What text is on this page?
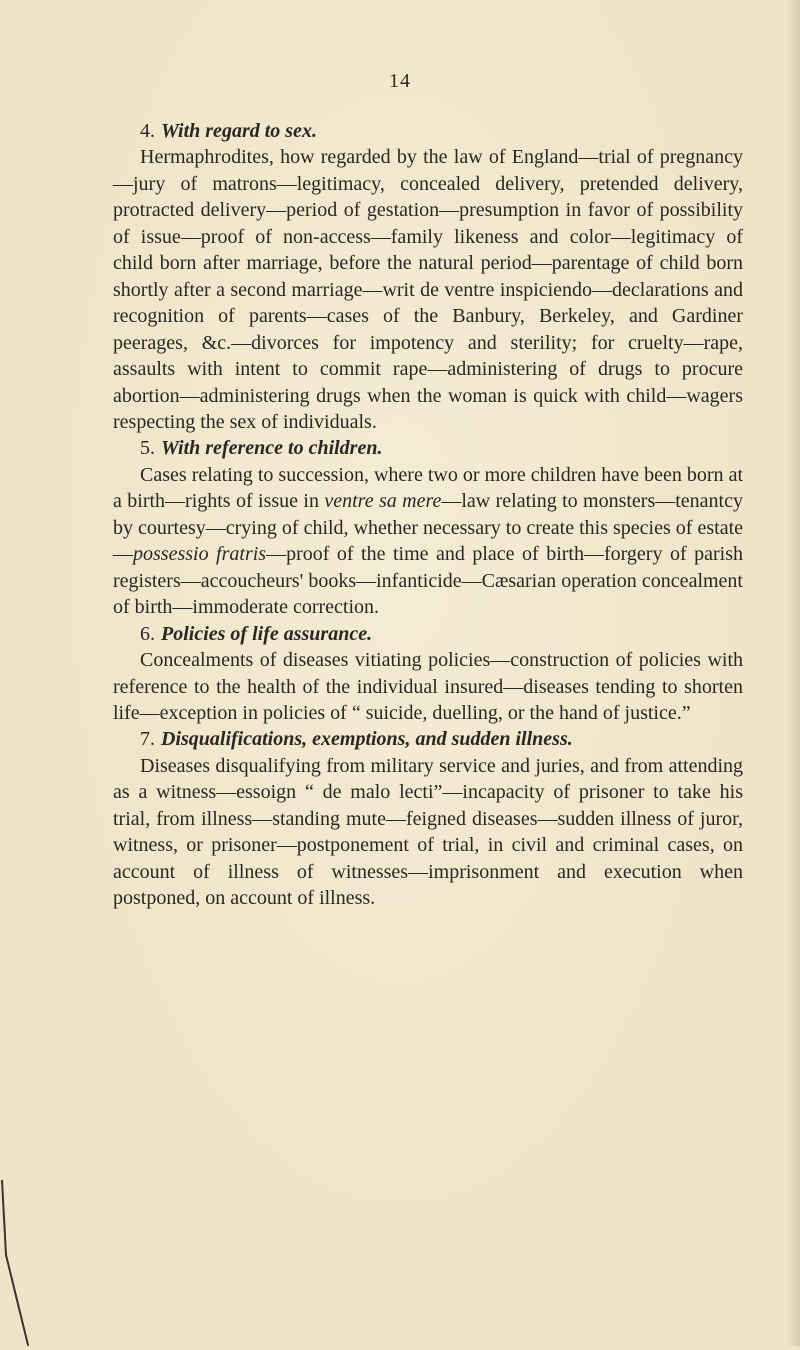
14

4. With regard to sex.

Hermaphrodites, how regarded by the law of England—trial of pregnancy—jury of matrons—legitimacy, concealed delivery, pretended delivery, protracted delivery—period of gestation—presumption in favor of possibility of issue—proof of non-access—family likeness and color—legitimacy of child born after marriage, before the natural period—parentage of child born shortly after a second marriage—writ de ventre inspiciendo—declarations and recognition of parents—cases of the Banbury, Berkeley, and Gardiner peerages, &c.—divorces for impotency and sterility; for cruelty—rape, assaults with intent to commit rape—administering of drugs to procure abortion—administering drugs when the woman is quick with child—wagers respecting the sex of individuals.

5. With reference to children.

Cases relating to succession, where two or more children have been born at a birth—rights of issue in ventre sa mere—law relating to monsters—tenantcy by courtesy—crying of child, whether necessary to create this species of estate—possessio fratris—proof of the time and place of birth—forgery of parish registers—accoucheurs' books—infanticide—Cæsarian operation concealment of birth—immoderate correction.

6. Policies of life assurance.

Concealments of diseases vitiating policies—construction of policies with reference to the health of the individual insured—diseases tending to shorten life—exception in policies of “ suicide, duelling, or the hand of justice.”

7. Disqualifications, exemptions, and sudden illness.

Diseases disqualifying from military service and juries, and from attending as a witness—essoign “ de malo lecti”—incapacity of prisoner to take his trial, from illness—standing mute—feigned diseases—sudden illness of juror, witness, or prisoner—postponement of trial, in civil and criminal cases, on account of illness of witnesses—imprisonment and execution when postponed, on account of illness.
